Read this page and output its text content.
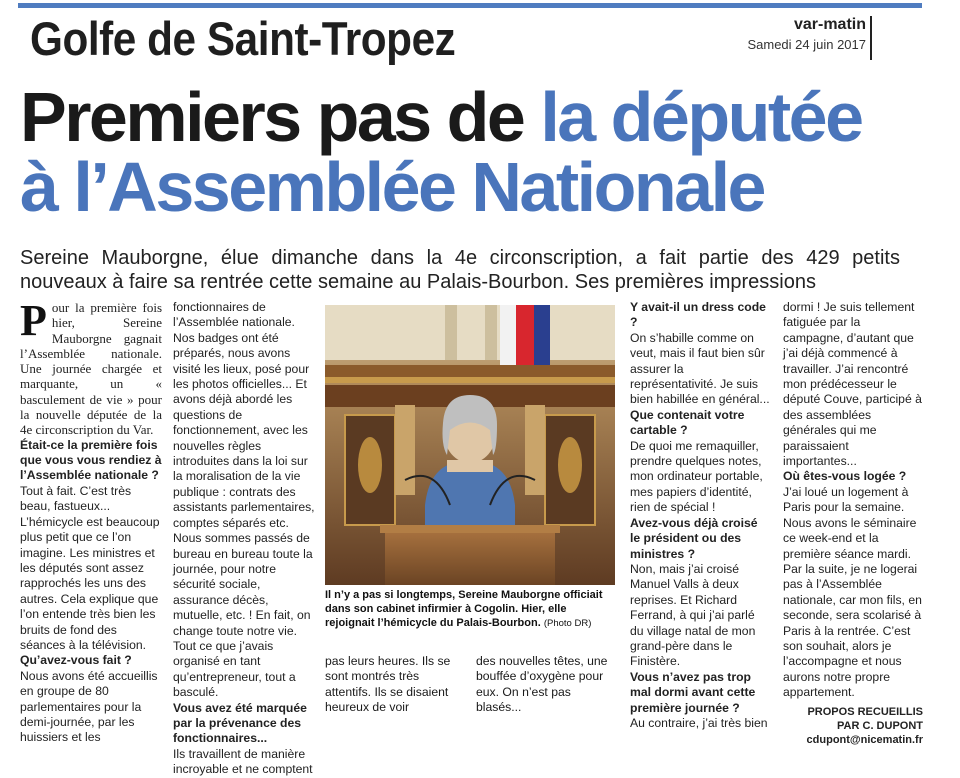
Golfe de Saint-Tropez	var-matin
Samedi 24 juin 2017
Premiers pas de la députée
à l’Assemblée Nationale
Sereine Mauborgne, élue dimanche dans la 4e circonscription, a fait partie des 429 petits nouveaux à faire sa rentrée cette semaine au Palais-Bourbon. Ses premières impressions

Pour la première fois hier, Sereine Mauborgne gagnait l’Assemblée nationale. Une journée chargée et marquante, un « basculement de vie » pour la nouvelle députée de la 4e circonscription du Var.

Était-ce la première fois que vous vous rendiez à l’Assemblée nationale ?

Tout à fait. C’est très beau, fastueux... L’hémicycle est beaucoup plus petit que ce l’on imagine. Les ministres et les députés sont assez rapprochés les uns des autres. Cela explique que l’on entende très bien les bruits de fond des séances à la télévision.

Qu’avez-vous fait ?

Nous avons été accueillis en groupe de 80 parlementaires pour la demi-journée, par les huissiers et les

fonctionnaires de l’Assemblée nationale. Nos badges ont été préparés, nous avons visité les lieux, posé pour les photos officielles... Et avons déjà abordé les questions de fonctionnement, avec les nouvelles règles introduites dans la loi sur la moralisation de la vie publique : contrats des assistants parlementaires, comptes séparés etc. Nous sommes passés de bureau en bureau toute la journée, pour notre sécurité sociale, assurance décès, mutuelle, etc. ! En fait, on change toute notre vie. Tout ce que j’avais organisé en tant qu’entrepreneur, tout a basculé.

Vous avez été marquée par la prévenance des fonctionnaires...

Ils travaillent de manière incroyable et ne comptent

Il n’y a pas si longtemps, Sereine Mauborgne officiait dans son cabinet infirmier à Cogolin. Hier, elle rejoignait l’hémicycle du Palais-Bourbon. (Photo DR)
pas leurs heures. Ils se sont montrés très attentifs. Ils se disaient heureux de voir
des nouvelles têtes, une bouffée d’oxygène pour eux. On n’est pas blasés...

Y avait-il un dress code ?

On s’habille comme on veut, mais il faut bien sûr assurer la représentativité. Je suis bien habillée en général...

Que contenait votre cartable ?

De quoi me remaquiller, prendre quelques notes, mon ordinateur portable, mes papiers d’identité, rien de spécial !

Avez-vous déjà croisé le président ou des ministres ?

Non, mais j’ai croisé Manuel Valls à deux reprises. Et Richard Ferrand, à qui j’ai parlé du village natal de mon grand-père dans le Finistère.

Vous n’avez pas trop mal dormi avant cette première journée ?

Au contraire, j’ai très bien

dormi ! Je suis tellement fatiguée par la campagne, d’autant que j’ai déjà commencé à travailler. J’ai rencontré mon prédécesseur le député Couve, participé à des assemblées générales qui me paraissaient importantes...

Où êtes-vous logée ?

J’ai loué un logement à Paris pour la semaine. Nous avons le séminaire ce week-end et la première séance mardi. Par la suite, je ne logerai pas à l’Assemblée nationale, car mon fils, en seconde, sera scolarisé à Paris à la rentrée. C’est son souhait, alors je l’accompagne et nous aurons notre propre appartement.

PROPOS RECUEILLIS
PAR C. DUPONT
cdupont@nicematin.fr
